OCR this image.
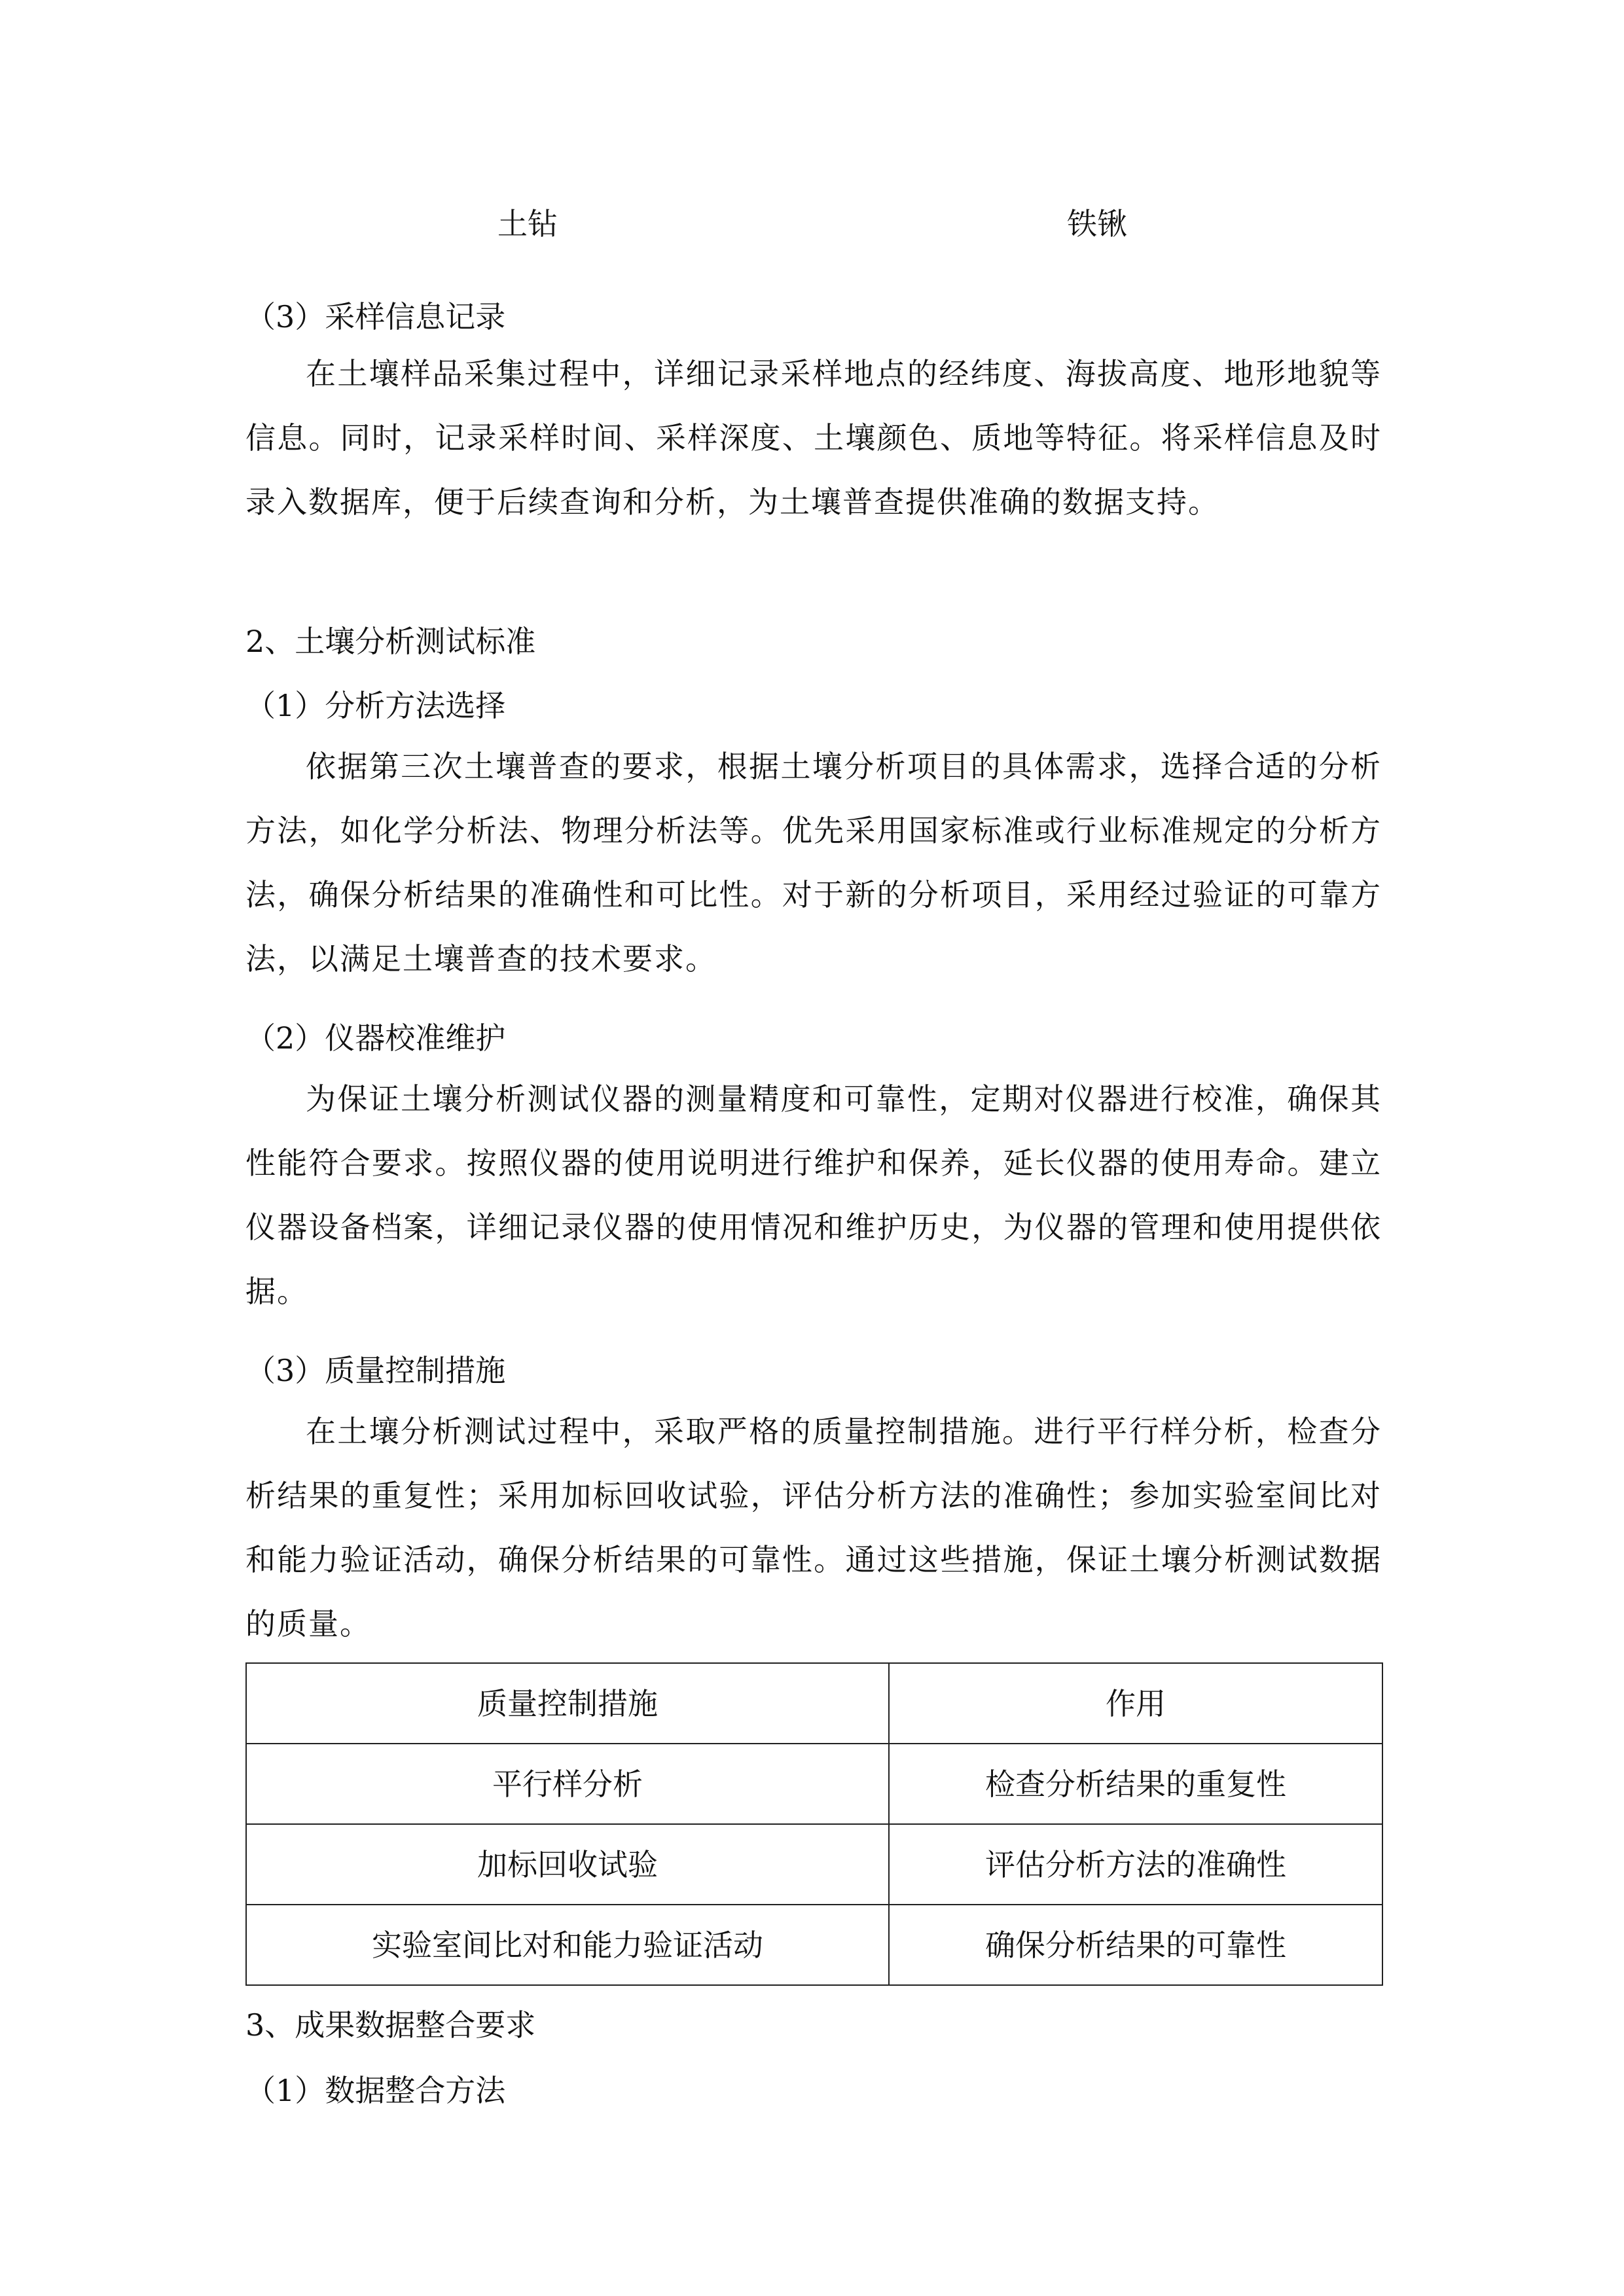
土钻	铁锹
（3）采样信息记录

在土壤样品采集过程中，详细记录采样地点的经纬度、海拔高度、地形地貌等信息。同时，记录采样时间、采样深度、土壤颜色、质地等特征。将采样信息及时录入数据库，便于后续查询和分析，为土壤普查提供准确的数据支持。

2、土壤分析测试标准
（1）分析方法选择

依据第三次土壤普查的要求，根据土壤分析项目的具体需求，选择合适的分析方法，如化学分析法、物理分析法等。优先采用国家标准或行业标准规定的分析方法，确保分析结果的准确性和可比性。对于新的分析项目，采用经过验证的可靠方法，以满足土壤普查的技术要求。

（2）仪器校准维护

为保证土壤分析测试仪器的测量精度和可靠性，定期对仪器进行校准，确保其性能符合要求。按照仪器的使用说明进行维护和保养，延长仪器的使用寿命。建立仪器设备档案，详细记录仪器的使用情况和维护历史，为仪器的管理和使用提供依据。

（3）质量控制措施

在土壤分析测试过程中，采取严格的质量控制措施。进行平行样分析，检查分析结果的重复性；采用加标回收试验，评估分析方法的准确性；参加实验室间比对和能力验证活动，确保分析结果的可靠性。通过这些措施，保证土壤分析测试数据的质量。

质量控制措施	作用
平行样分析	检查分析结果的重复性
加标回收试验	评估分析方法的准确性
实验室间比对和能力验证活动	确保分析结果的可靠性
3、成果数据整合要求
（1）数据整合方法
